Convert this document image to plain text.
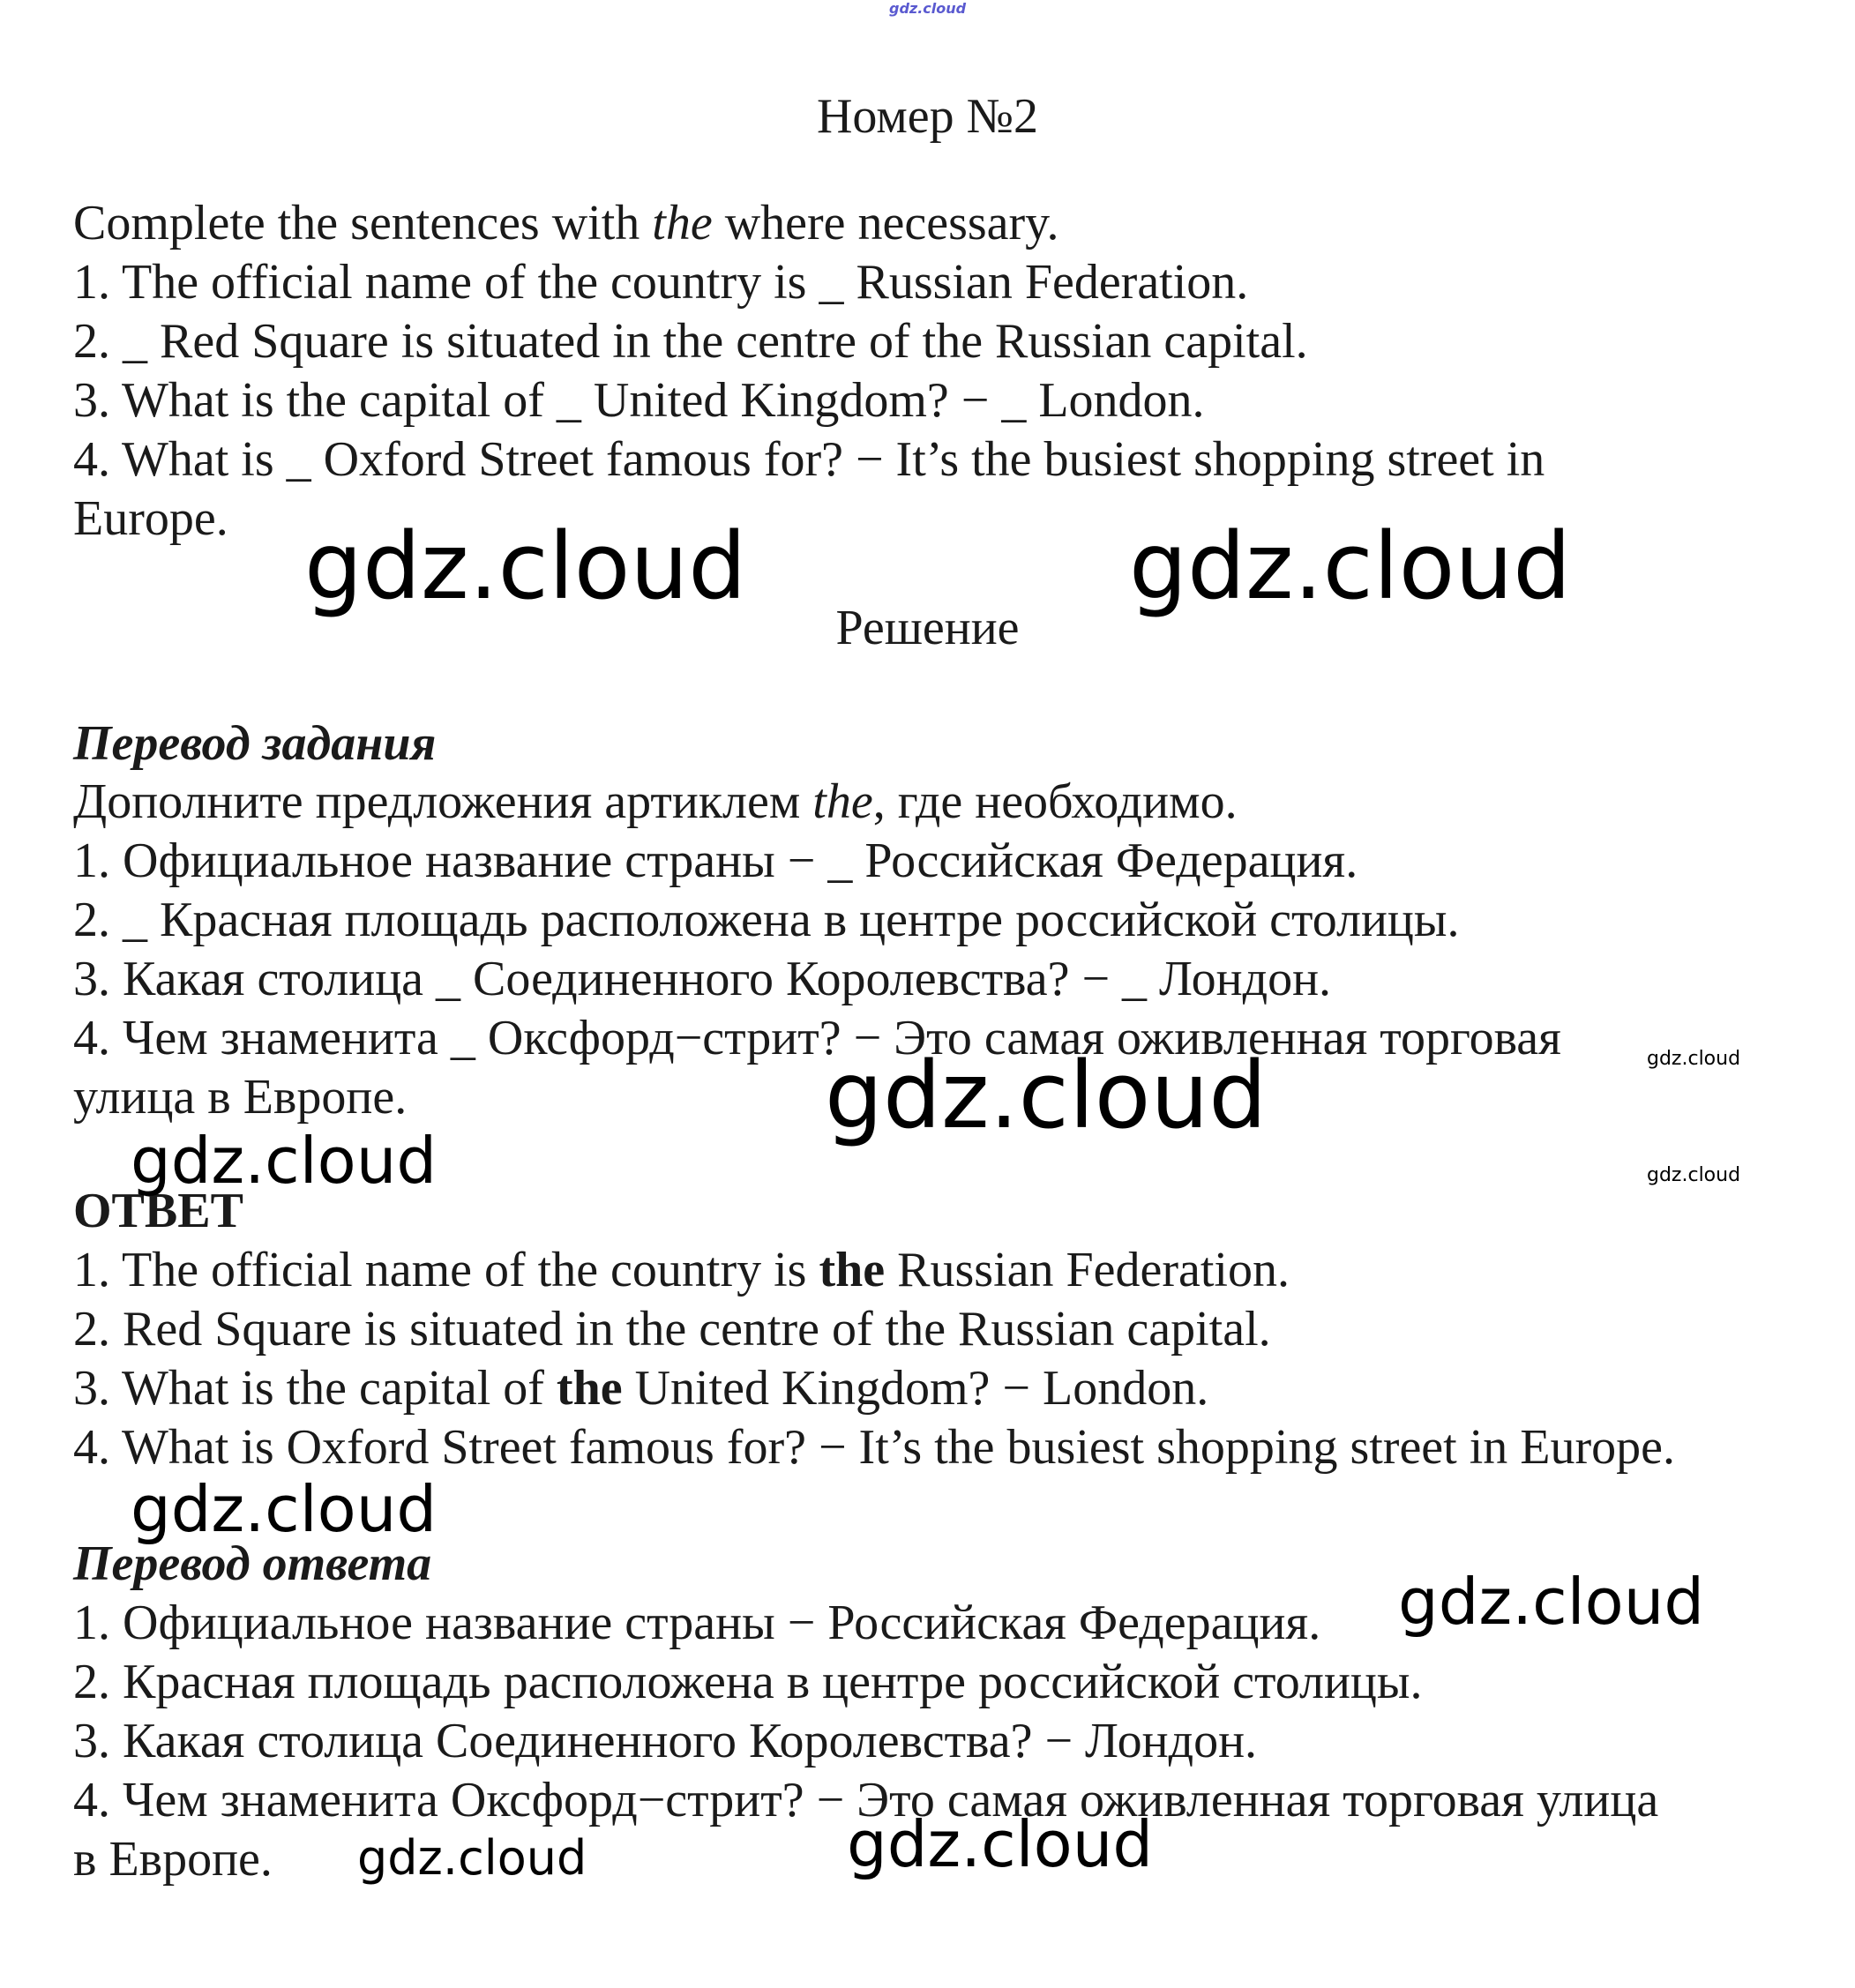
gdz.cloud
Номер №2
Complete the sentences with the where necessary.
1. The official name of the country is _ Russian Federation.
2. _ Red Square is situated in the centre of the Russian capital.
3. What is the capital of _ United Kingdom? − _ London.
4. What is _ Oxford Street famous for? − It’s the busiest shopping street in
Europe.
Решение
Перевод задания
Дополните предложения артиклем the, где необходимо.
1. Официальное название страны − _ Российская Федерация.
2. _ Красная площадь расположена в центре российской столицы.
3. Какая столица _ Соединенного Королевства? − _ Лондон.
4. Чем знаменита _ Оксфорд−стрит? − Это самая оживленная торговая
улица в Европе.
ОТВЕТ
1. The official name of the country is the Russian Federation.
2. Red Square is situated in the centre of the Russian capital.
3. What is the capital of the United Kingdom? − London.
4. What is Oxford Street famous for? − It’s the busiest shopping street in Europe.
Перевод ответа
1. Официальное название страны − Российская Федерация.
2. Красная площадь расположена в центре российской столицы.
3. Какая столица Соединенного Королевства? − Лондон.
4. Чем знаменита Оксфорд−стрит? − Это самая оживленная торговая улица
в Европе.
gdz.cloud	gdz.cloud
gdz.cloud	gdz.cloud
gdz.cloud	gdz.cloud
gdz.cloud
gdz.cloud
gdz.cloud	gdz.cloud
